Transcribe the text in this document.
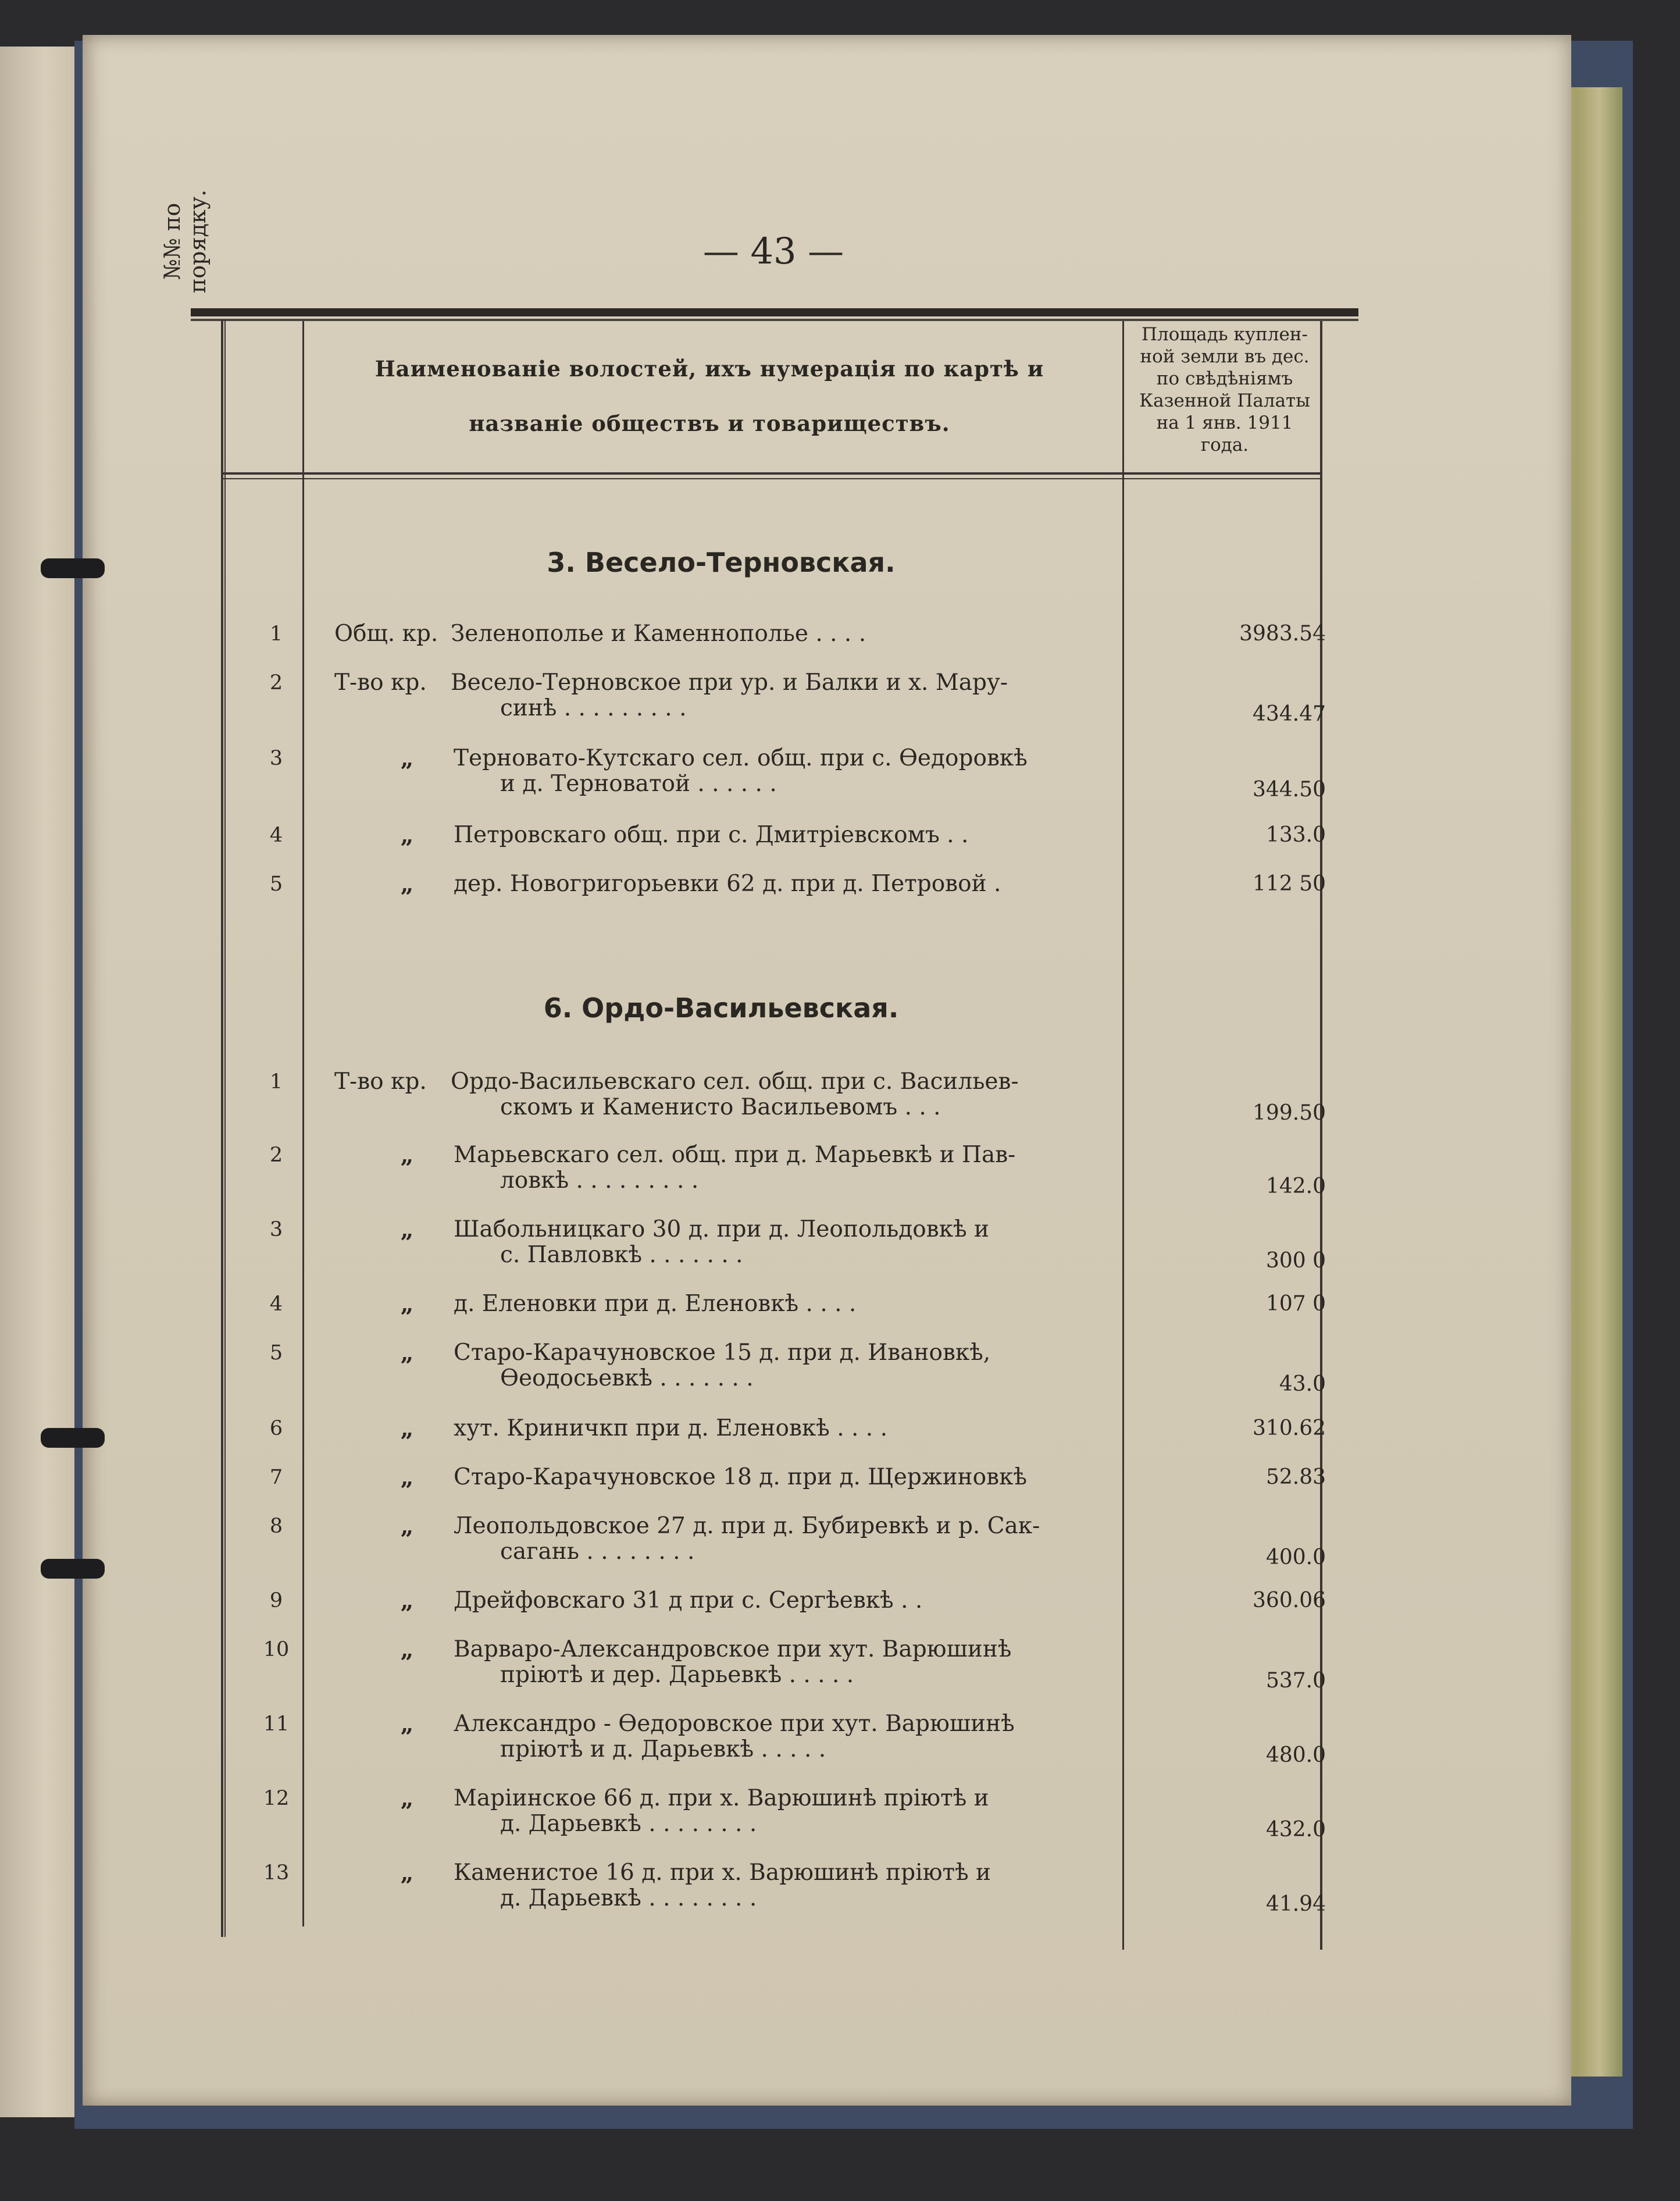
— 43 —
№№ по порядку.
Наименованіе волостей, ихъ нумерація по картѣ и
названіе обществъ и товариществъ.
Площадь куплен-
ной земли въ дес.
по свѣдѣніямъ
Казенной Палаты
на 1 янв. 1911
года.
3. Весело-Терновская.
1	Общ. кр. Зеленополье и Каменнополье . . . .	3983.54
2	Т-во кр.	Весело-Терновское при ур. и Балки и х. Мару-
синѣ . . . . . . . . .	434.47
3	„	Терновато-Кутскаго сел. общ. при с. Ѳедоровкѣ
и д. Терноватой . . . . . .	344.50
4	„	Петровскаго общ. при с. Дмитріевскомъ . .	133.0
5	„	дер. Новогригорьевки 62 д. при д. Петровой .	112 50
6. Ордо-Васильевская.
1	Т-во кр.	Ордо-Васильевскаго сел. общ. при с. Васильев-
скомъ и Каменисто Васильевомъ . . .	199.50
2	„	Марьевскаго сел. общ. при д. Марьевкѣ и Пав-
ловкѣ . . . . . . . . .	142.0
3	„	Шабольницкаго 30 д. при д. Леопольдовкѣ и
с. Павловкѣ . . . . . . .	300 0
4	„	д. Еленовки при д. Еленовкѣ . . . .	107 0
5	„	Старо-Карачуновское 15 д. при д. Ивановкѣ,
Ѳеодосьевкѣ . . . . . . .	43.0
6	„	хут. Криничкп при д. Еленовкѣ . . . .	310.62
7	„	Старо-Карачуновское 18 д. при д. Щержиновкѣ	52.83
8	„	Леопольдовское 27 д. при д. Бубиревкѣ и р. Сак-
сагань . . . . . . . .	400.0
9	„	Дрейфовскаго 31 д при с. Сергѣевкѣ . .	360.06
10	„	Варваро-Александровское при хут. Варюшинѣ
пріютѣ и дер. Дарьевкѣ . . . . .	537.0
11	„	Александро - Ѳедоровское при хут. Варюшинѣ
пріютѣ и д. Дарьевкѣ . . . . .	480.0
12	„	Маріинское 66 д. при х. Варюшинѣ пріютѣ и
д. Дарьевкѣ . . . . . . . .	432.0
13	„	Каменистое 16 д. при х. Варюшинѣ пріютѣ и
д. Дарьевкѣ . . . . . . . .	41.94
